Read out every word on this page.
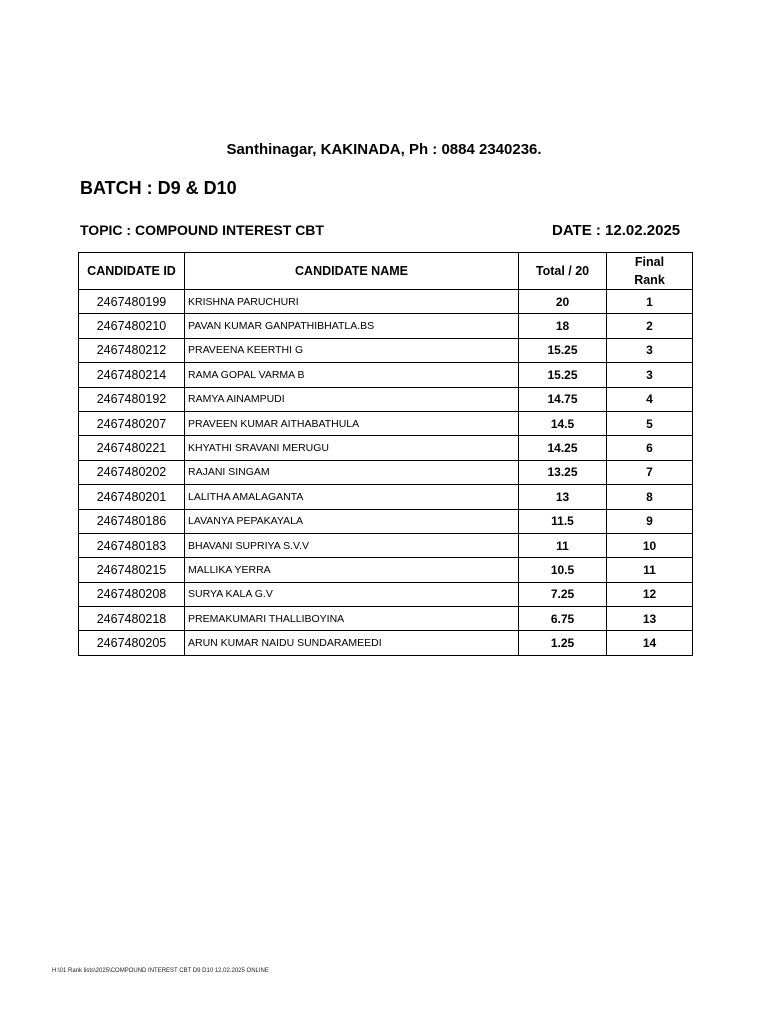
Santhinagar, KAKINADA, Ph : 0884 2340236.
BATCH : D9 & D10
TOPIC : COMPOUND INTEREST CBT	DATE : 12.02.2025
CANDIDATE ID	CANDIDATE NAME	Total / 20	Final
Rank

2467480199	KRISHNA PARUCHURI	20	1
2467480210	PAVAN KUMAR GANPATHIBHATLA.BS	18	2
2467480212	PRAVEENA KEERTHI G	15.25	3
2467480214	RAMA GOPAL VARMA B	15.25	3
2467480192	RAMYA AINAMPUDI	14.75	4
2467480207	PRAVEEN KUMAR AITHABATHULA	14.5	5
2467480221	KHYATHI SRAVANI MERUGU	14.25	6
2467480202	RAJANI SINGAM	13.25	7
2467480201	LALITHA AMALAGANTA	13	8
2467480186	LAVANYA PEPAKAYALA	11.5	9
2467480183	BHAVANI SUPRIYA S.V.V	11	10
2467480215	MALLIKA YERRA	10.5	11
2467480208	SURYA KALA G.V	7.25	12
2467480218	PREMAKUMARI THALLIBOYINA	6.75	13
2467480205	ARUN KUMAR NAIDU SUNDARAMEEDI	1.25	14
H:\01 Rank lists\2025\COMPOUND INTEREST CBT D9 D10 12.02.2025 ONLINE
